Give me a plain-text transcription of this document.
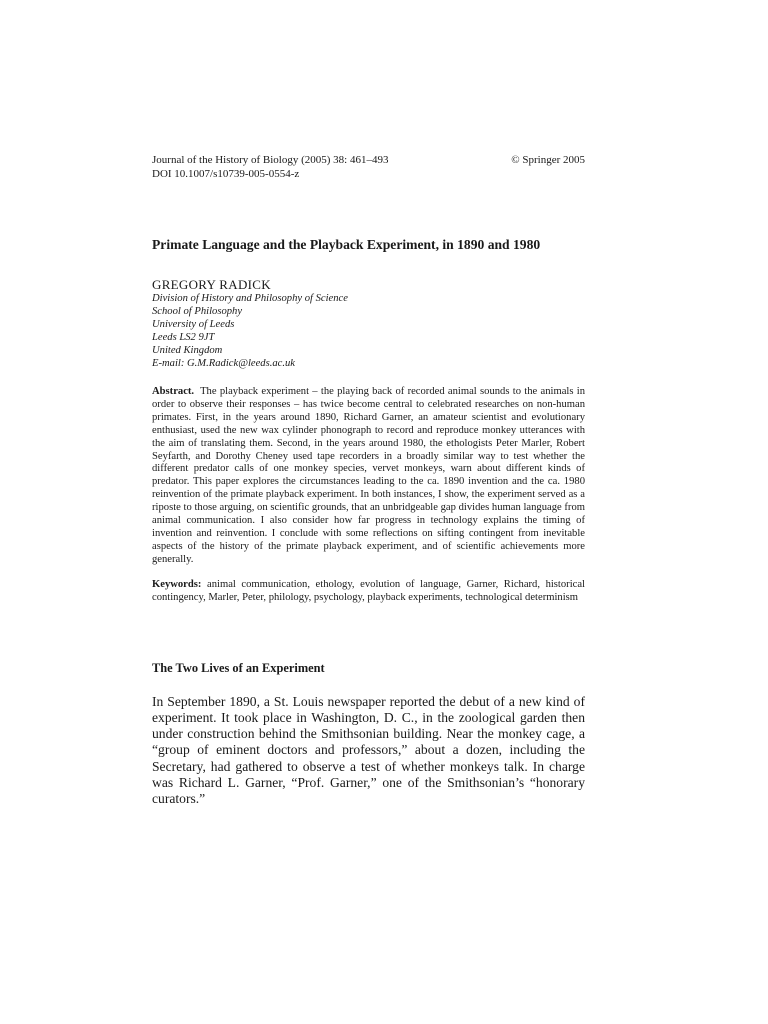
Journal of the History of Biology (2005) 38: 461–493	© Springer 2005
DOI 10.1007/s10739-005-0554-z
Primate Language and the Playback Experiment, in 1890 and 1980
GREGORY RADICK
Division of History and Philosophy of Science
School of Philosophy
University of Leeds
Leeds LS2 9JT
United Kingdom
E-mail: G.M.Radick@leeds.ac.uk
Abstract. The playback experiment – the playing back of recorded animal sounds to the animals in order to observe their responses – has twice become central to celebrated researches on non-human primates. First, in the years around 1890, Richard Garner, an amateur scientist and evolutionary enthusiast, used the new wax cylinder phonograph to record and reproduce monkey utterances with the aim of translating them. Second, in the years around 1980, the ethologists Peter Marler, Robert Seyfarth, and Dorothy Cheney used tape recorders in a broadly similar way to test whether the different predator calls of one monkey species, vervet monkeys, warn about different kinds of predator. This paper explores the circumstances leading to the ca. 1890 invention and the ca. 1980 reinvention of the primate playback experiment. In both instances, I show, the experiment served as a riposte to those arguing, on scientific grounds, that an unbridgeable gap divides human language from animal communication. I also consider how far progress in technology explains the timing of invention and reinvention. I conclude with some reflections on sifting contingent from inevitable aspects of the history of the primate playback experiment, and of scientific achievements more generally.
Keywords: animal communication, ethology, evolution of language, Garner, Richard, historical contingency, Marler, Peter, philology, psychology, playback experiments, technological determinism
The Two Lives of an Experiment
In September 1890, a St. Louis newspaper reported the debut of a new kind of experiment. It took place in Washington, D. C., in the zoological garden then under construction behind the Smithsonian building. Near the monkey cage, a “group of eminent doctors and professors,” about a dozen, including the Secretary, had gathered to observe a test of whether monkeys talk. In charge was Richard L. Garner, “Prof. Garner,” one of the Smithsonian’s “honorary curators.”
